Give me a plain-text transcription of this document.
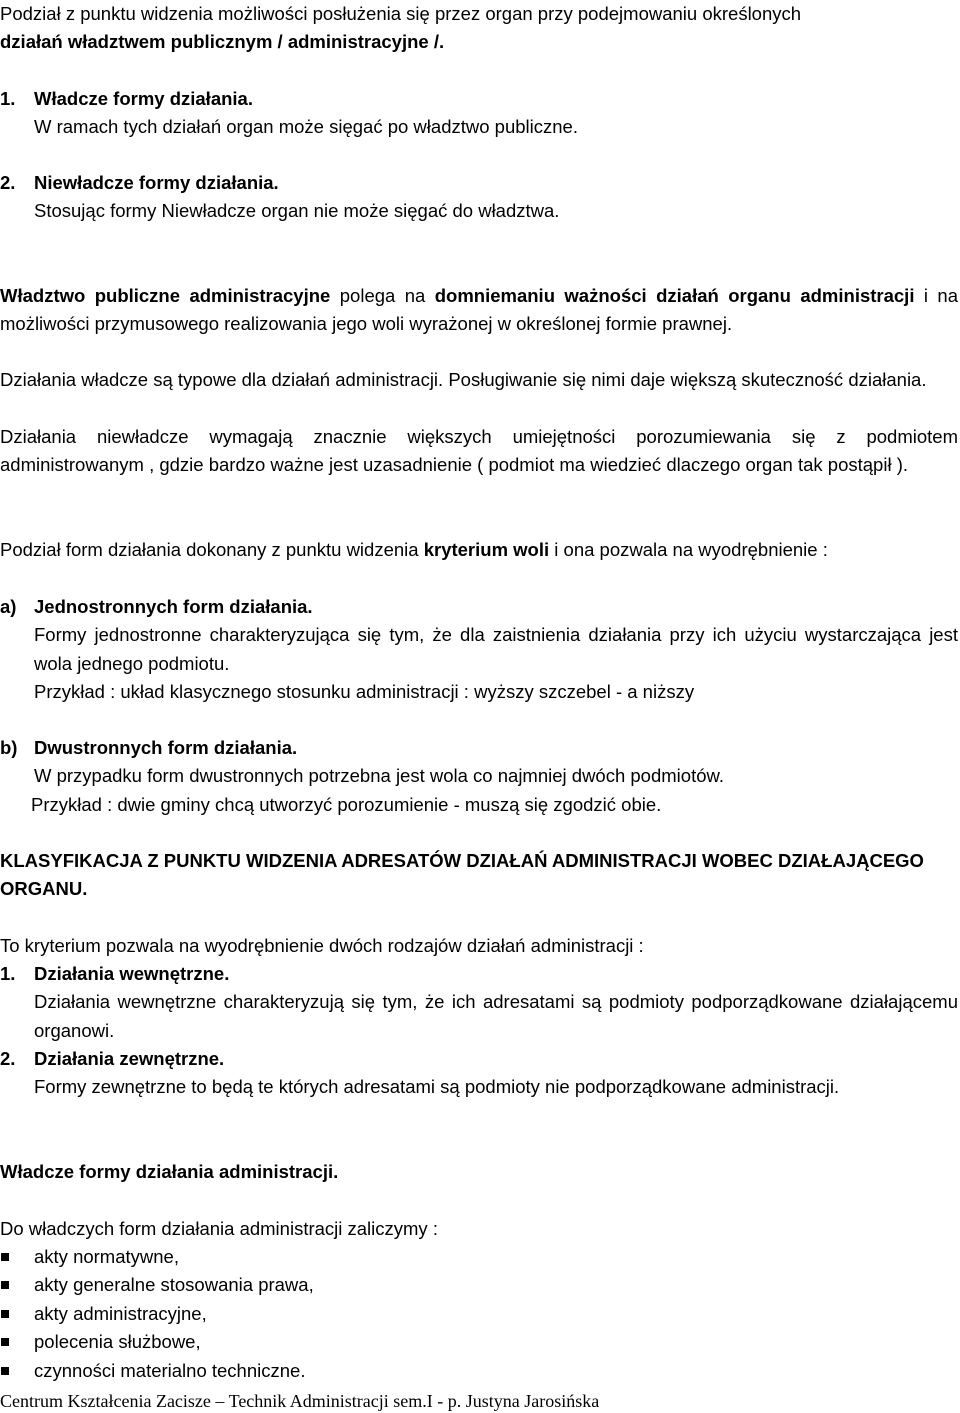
Podział z punktu widzenia możliwości posłużenia się przez organ przy podejmowaniu określonych
działań władztwem publicznym / administracyjne /.

1. Władcze formy działania.
W ramach tych działań organ może sięgać po władztwo publiczne.
2. Niewładcze formy działania.
Stosując formy Niewładcze organ nie może sięgać do władztwa.

Władztwo publiczne administracyjne polega na domniemaniu ważności działań organu administracji i na możliwości przymusowego realizowania jego woli wyrażonej w określonej formie prawnej.

Działania władcze są typowe dla działań administracji. Posługiwanie się nimi daje większą skuteczność działania.

Działania niewładcze wymagają znacznie większych umiejętności porozumiewania się z podmiotem administrowanym , gdzie bardzo ważne jest uzasadnienie ( podmiot ma wiedzieć dlaczego organ tak postąpił ).

Podział form działania dokonany z punktu widzenia kryterium woli i ona pozwala na wyodrębnienie :

a) Jednostronnych form działania.
Formy jednostronne charakteryzująca się tym, że dla zaistnienia działania przy ich użyciu wystarczająca jest wola jednego podmiotu.
Przykład : układ klasycznego stosunku administracji : wyższy szczebel - a niższy
b) Dwustronnych form działania.
W przypadku form dwustronnych potrzebna jest wola co najmniej dwóch podmiotów.
Przykład : dwie gminy chcą utworzyć porozumienie - muszą się zgodzić obie.

KLASYFIKACJA Z PUNKTU WIDZENIA ADRESATÓW DZIAŁAŃ ADMINISTRACJI WOBEC DZIAŁAJĄCEGO ORGANU.

To kryterium pozwala na wyodrębnienie dwóch rodzajów działań administracji :

1. Działania wewnętrzne.
Działania wewnętrzne charakteryzują się tym, że ich adresatami są podmioty podporządkowane działającemu organowi.
2. Działania zewnętrzne.
Formy zewnętrzne to będą te których adresatami są podmioty nie podporządkowane administracji.

Władcze formy działania administracji.

Do władczych form działania administracji zaliczymy :

akty normatywne,
akty generalne stosowania prawa,
akty administracyjne,
polecenia służbowe,
czynności materialno techniczne.
Centrum Kształcenia Zacisze – Technik Administracji sem.I - p. Justyna Jarosińska
